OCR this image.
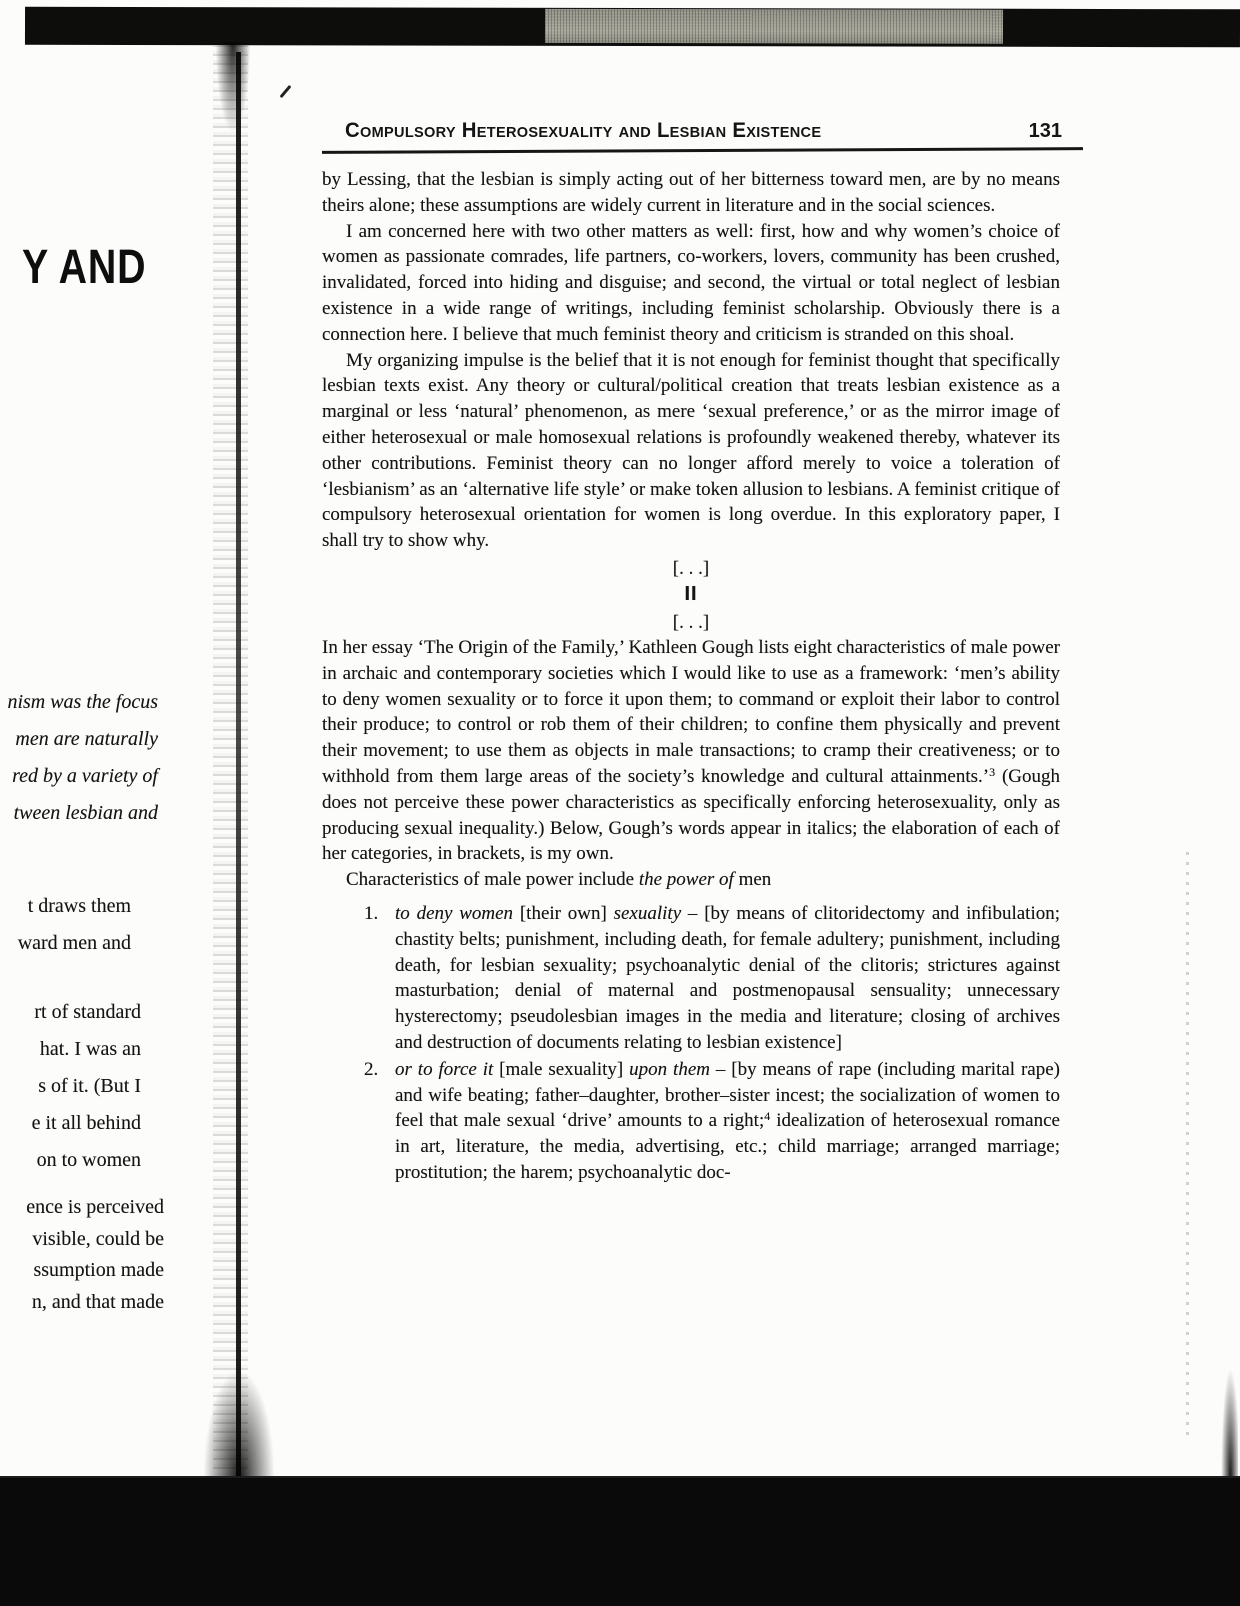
Y AND
nism was the focus
men are naturally
red by a variety of
tween lesbian and
t draws them
ward men and
rt of standard
hat. I was an
s of it. (But I
e it all behind
on to women
ence is perceived
visible, could be
ssumption made
n, and that made
Compulsory Heterosexuality and Lesbian Existence	131

by Lessing, that the lesbian is simply acting out of her bitterness toward men, are by no means theirs alone; these assumptions are widely current in literature and in the social sciences.

I am concerned here with two other matters as well: first, how and why women’s choice of women as passionate comrades, life partners, co-workers, lovers, community has been crushed, invalidated, forced into hiding and disguise; and second, the virtual or total neglect of lesbian existence in a wide range of writings, including feminist scholarship. Obviously there is a connection here. I believe that much feminist theory and criticism is stranded on this shoal.

My organizing impulse is the belief that it is not enough for feminist thought that specifically lesbian texts exist. Any theory or cultural/political creation that treats lesbian existence as a marginal or less ‘natural’ phenomenon, as mere ‘sexual preference,’ or as the mirror image of either heterosexual or male homosexual relations is profoundly weakened thereby, whatever its other contributions. Feminist theory can no longer afford merely to voice a toleration of ‘lesbianism’ as an ‘alternative life style’ or make token allusion to lesbians. A feminist critique of compulsory heterosexual orientation for women is long overdue. In this exploratory paper, I shall try to show why.

[. . .]
II
[. . .]

In her essay ‘The Origin of the Family,’ Kathleen Gough lists eight characteristics of male power in archaic and contemporary societies which I would like to use as a framework: ‘men’s ability to deny women sexuality or to force it upon them; to command or exploit their labor to control their produce; to control or rob them of their children; to confine them physically and prevent their movement; to use them as objects in male transactions; to cramp their creativeness; or to withhold from them large areas of the society’s knowledge and cultural attainments.’$^3$ (Gough does not perceive these power characteristics as specifically enforcing heterosexuality, only as producing sexual inequality.) Below, Gough’s words appear in italics; the elaboration of each of her categories, in brackets, is my own.

Characteristics of male power include the power of men

1. to deny women [their own] sexuality – [by means of clitoridectomy and infibulation; chastity belts; punishment, including death, for female adultery; punishment, including death, for lesbian sexuality; psychoanalytic denial of the clitoris; strictures against masturbation; denial of maternal and postmenopausal sensuality; unnecessary hysterectomy; pseudolesbian images in the media and literature; closing of archives and destruction of documents relating to lesbian existence]
2. or to force it [male sexuality] upon them – [by means of rape (including marital rape) and wife beating; father–daughter, brother–sister incest; the socialization of women to feel that male sexual ‘drive’ amounts to a right;$^4$ idealization of heterosexual romance in art, literature, the media, advertising, etc.; child marriage; arranged marriage; prostitution; the harem; psychoanalytic doc-
